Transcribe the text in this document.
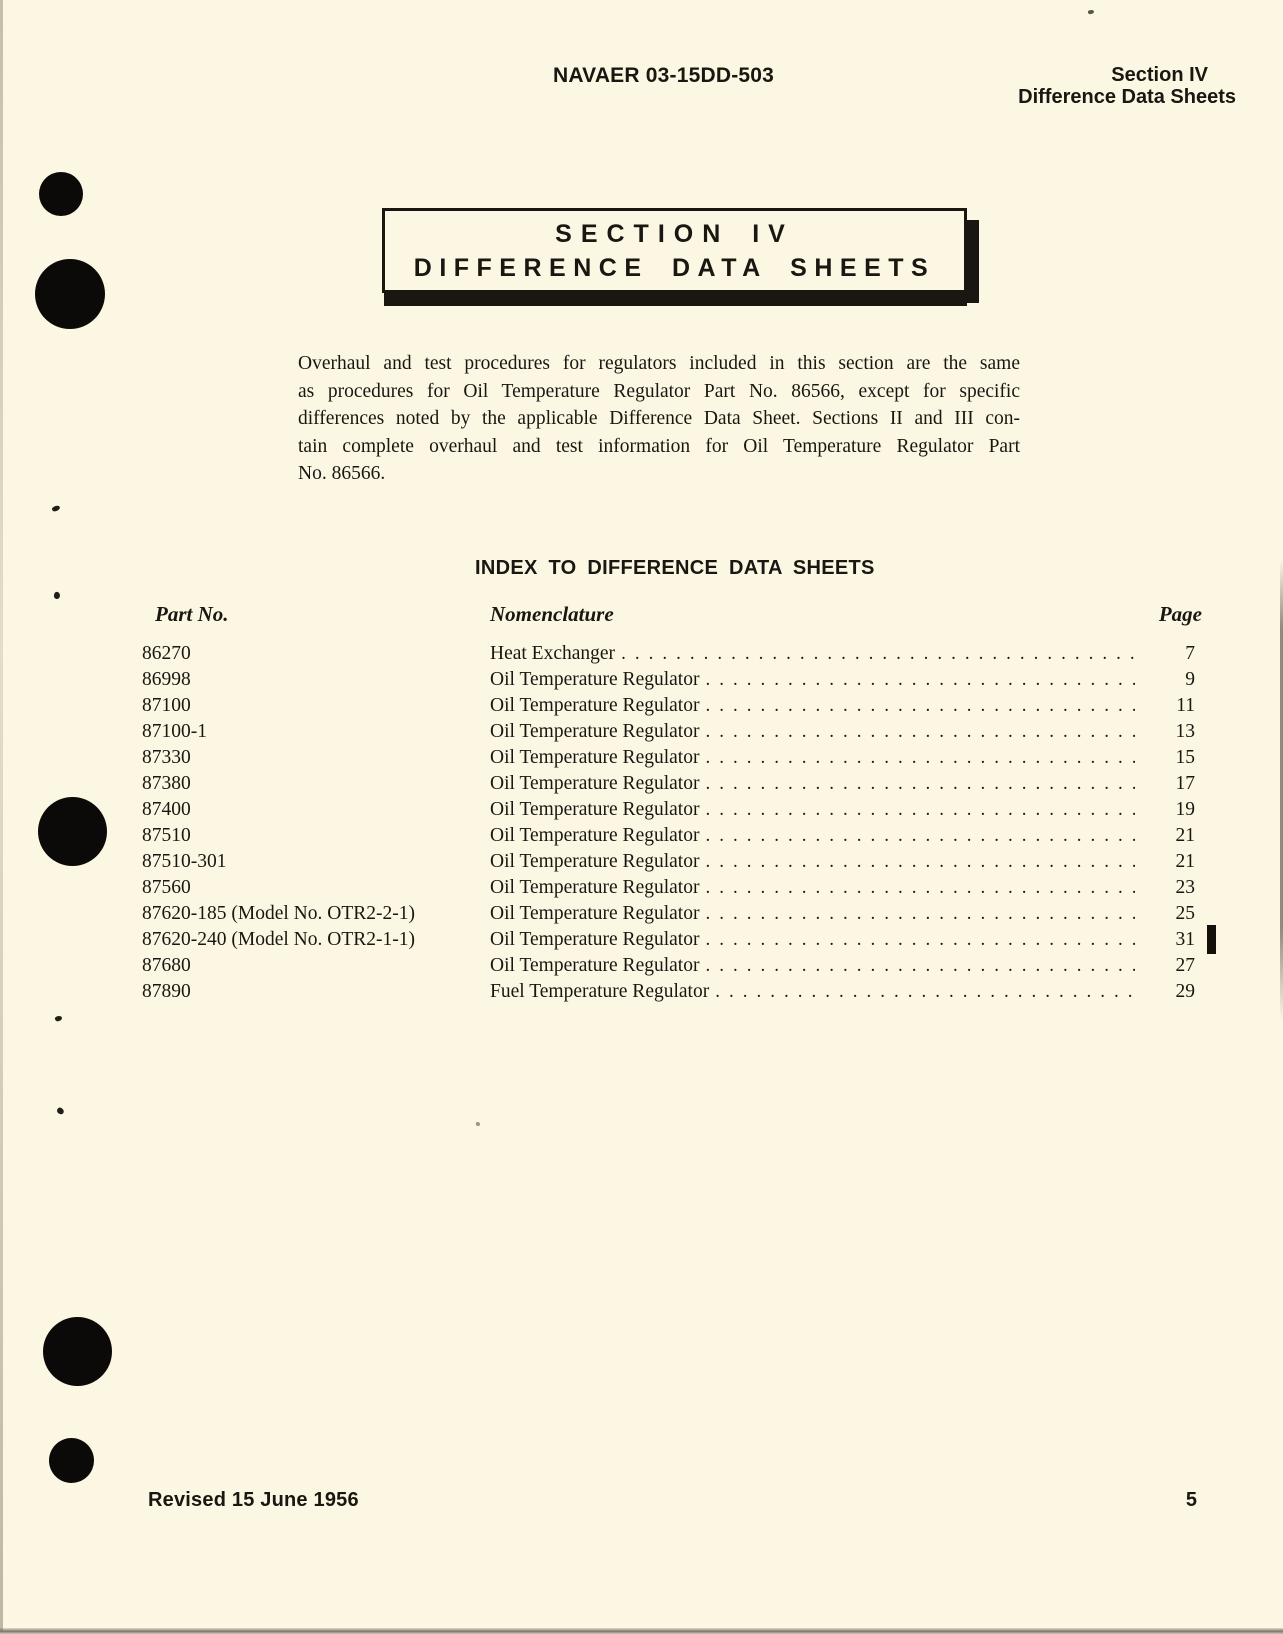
NAVAER 03-15DD-503	Section IV
Difference Data Sheets
SECTION IV
DIFFERENCE DATA SHEETS
Overhaul and test procedures for regulators included in this section are the same
as procedures for Oil Temperature Regulator Part No. 86566, except for specific
differences noted by the applicable Difference Data Sheet. Sections II and III con-
tain complete overhaul and test information for Oil Temperature Regulator Part
No. 86566.
INDEX TO DIFFERENCE DATA SHEETS
Part No.	Nomenclature	Page
86270	Heat Exchanger .....	7
86998	Oil Temperature Regulator .....	9
87100	Oil Temperature Regulator .....	11
87100-1	Oil Temperature Regulator .....	13
87330	Oil Temperature Regulator .....	15
87380	Oil Temperature Regulator .....	17
87400	Oil Temperature Regulator .....	19
87510	Oil Temperature Regulator .....	21
87510-301	Oil Temperature Regulator .....	21
87560	Oil Temperature Regulator .....	23
87620-185 (Model No. OTR2-2-1)	Oil Temperature Regulator .....	25
87620-240 (Model No. OTR2-1-1)	Oil Temperature Regulator .....	31
87680	Oil Temperature Regulator .....	27
87890	Fuel Temperature Regulator .....	29
Revised 15 June 1956	5
